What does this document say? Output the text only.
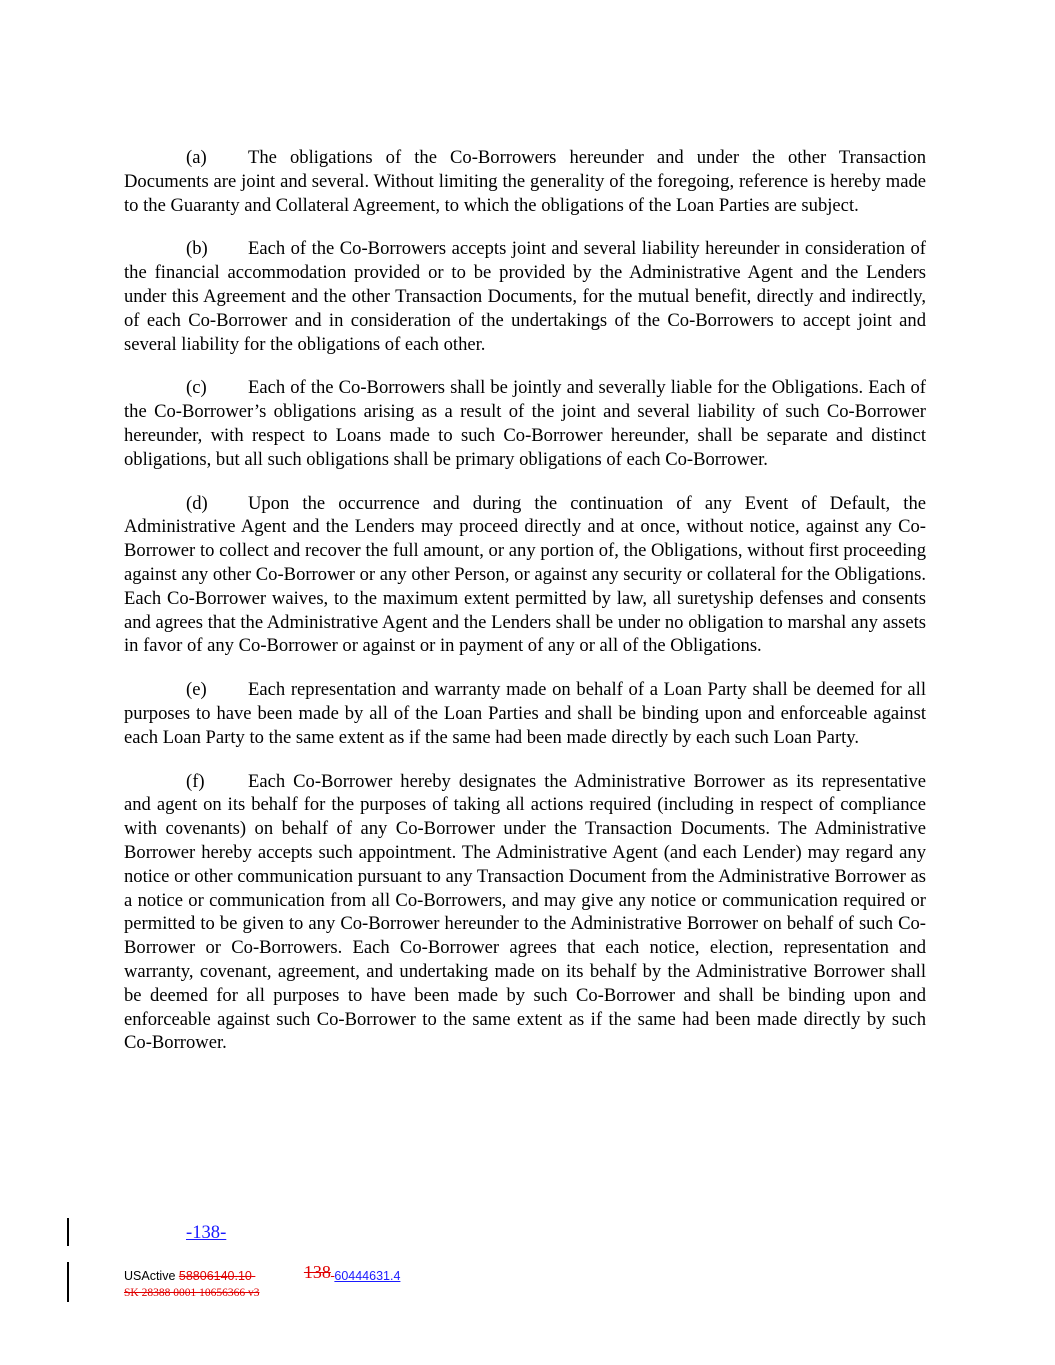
(a) The obligations of the Co-Borrowers hereunder and under the other Transaction Documents are joint and several. Without limiting the generality of the foregoing, reference is hereby made to the Guaranty and Collateral Agreement, to which the obligations of the Loan Parties are subject.

(b) Each of the Co-Borrowers accepts joint and several liability hereunder in consideration of the financial accommodation provided or to be provided by the Administrative Agent and the Lenders under this Agreement and the other Transaction Documents, for the mutual benefit, directly and indirectly, of each Co-Borrower and in consideration of the undertakings of the Co-Borrowers to accept joint and several liability for the obligations of each other.

(c) Each of the Co-Borrowers shall be jointly and severally liable for the Obligations. Each of the Co-Borrower’s obligations arising as a result of the joint and several liability of such Co-Borrower hereunder, with respect to Loans made to such Co-Borrower hereunder, shall be separate and distinct obligations, but all such obligations shall be primary obligations of each Co-Borrower.

(d) Upon the occurrence and during the continuation of any Event of Default, the Administrative Agent and the Lenders may proceed directly and at once, without notice, against any Co- Borrower to collect and recover the full amount, or any portion of, the Obligations, without first proceeding against any other Co-Borrower or any other Person, or against any security or collateral for the Obligations. Each Co-Borrower waives, to the maximum extent permitted by law, all suretyship defenses and consents and agrees that the Administrative Agent and the Lenders shall be under no obligation to marshal any assets in favor of any Co-Borrower or against or in payment of any or all of the Obligations.

(e) Each representation and warranty made on behalf of a Loan Party shall be deemed for all purposes to have been made by all of the Loan Parties and shall be binding upon and enforceable against each Loan Party to the same extent as if the same had been made directly by each such Loan Party.

(f) Each Co-Borrower hereby designates the Administrative Borrower as its representative and agent on its behalf for the purposes of taking all actions required (including in respect of compliance with covenants) on behalf of any Co-Borrower under the Transaction Documents. The Administrative Borrower hereby accepts such appointment. The Administrative Agent (and each Lender) may regard any notice or other communication pursuant to any Transaction Document from the Administrative Borrower as a notice or communication from all Co-Borrowers, and may give any notice or communication required or permitted to be given to any Co-Borrower hereunder to the Administrative Borrower on behalf of such Co-Borrower or Co-Borrowers. Each Co-Borrower agrees that each notice, election, representation and warranty, covenant, agreement, and undertaking made on its behalf by the Administrative Borrower shall be deemed for all purposes to have been made by such Co-Borrower and shall be binding upon and enforceable against such Co-Borrower to the same extent as if the same had been made directly by such Co-Borrower.

-138-
USActive 58806140.10	138 60444631.4
SK 28388 0001 10656366 v3
